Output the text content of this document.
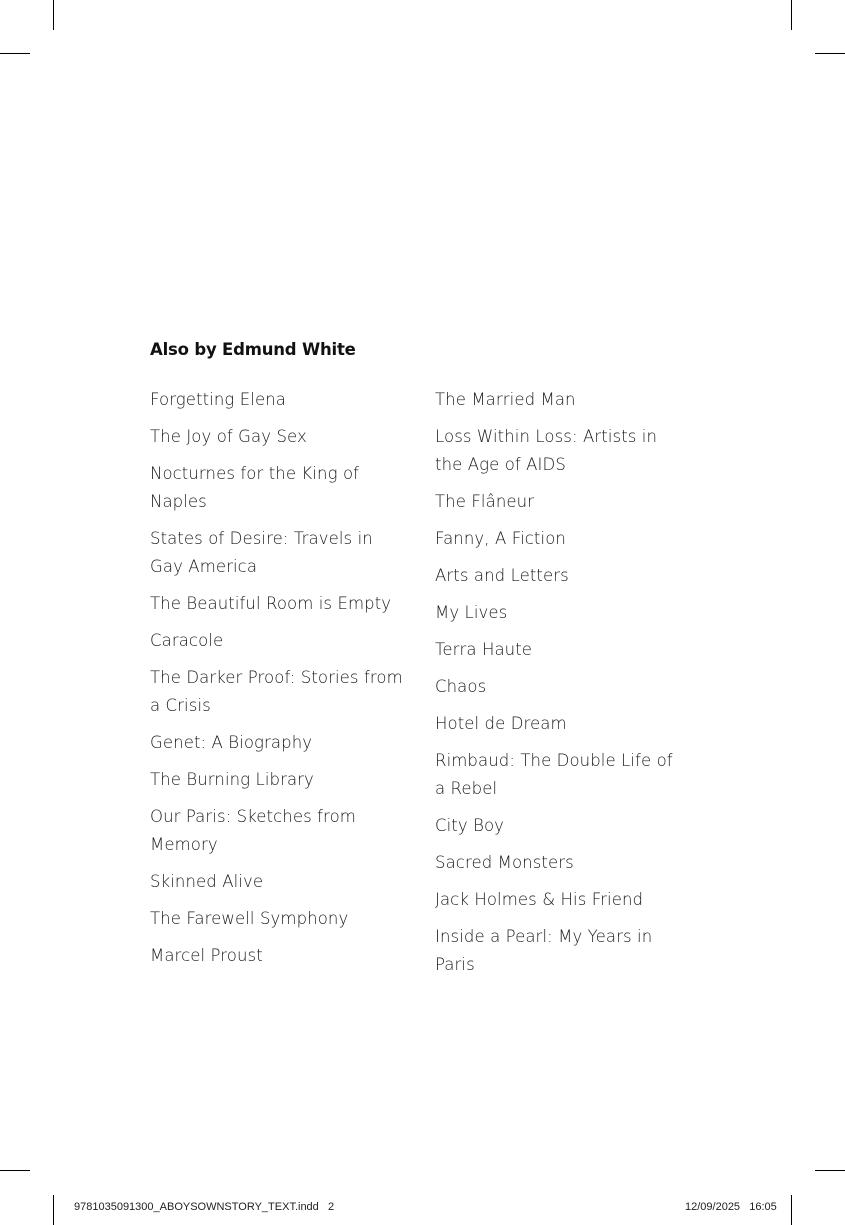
Also by Edmund White
Forgetting Elena
The Joy of Gay Sex
Nocturnes for the King of Naples
States of Desire: Travels in Gay America
The Beautiful Room is Empty
Caracole
The Darker Proof: Stories from a Crisis
Genet: A Biography
The Burning Library
Our Paris: Sketches from Memory
Skinned Alive
The Farewell Symphony
Marcel Proust
The Married Man
Loss Within Loss: Artists in the Age of AIDS
The Flâneur
Fanny, A Fiction
Arts and Letters
My Lives
Terra Haute
Chaos
Hotel de Dream
Rimbaud: The Double Life of a Rebel
City Boy
Sacred Monsters
Jack Holmes & His Friend
Inside a Pearl: My Years in Paris
9781035091300_ABOYSOWNSTORY_TEXT.indd   2	12/09/2025   16:05
